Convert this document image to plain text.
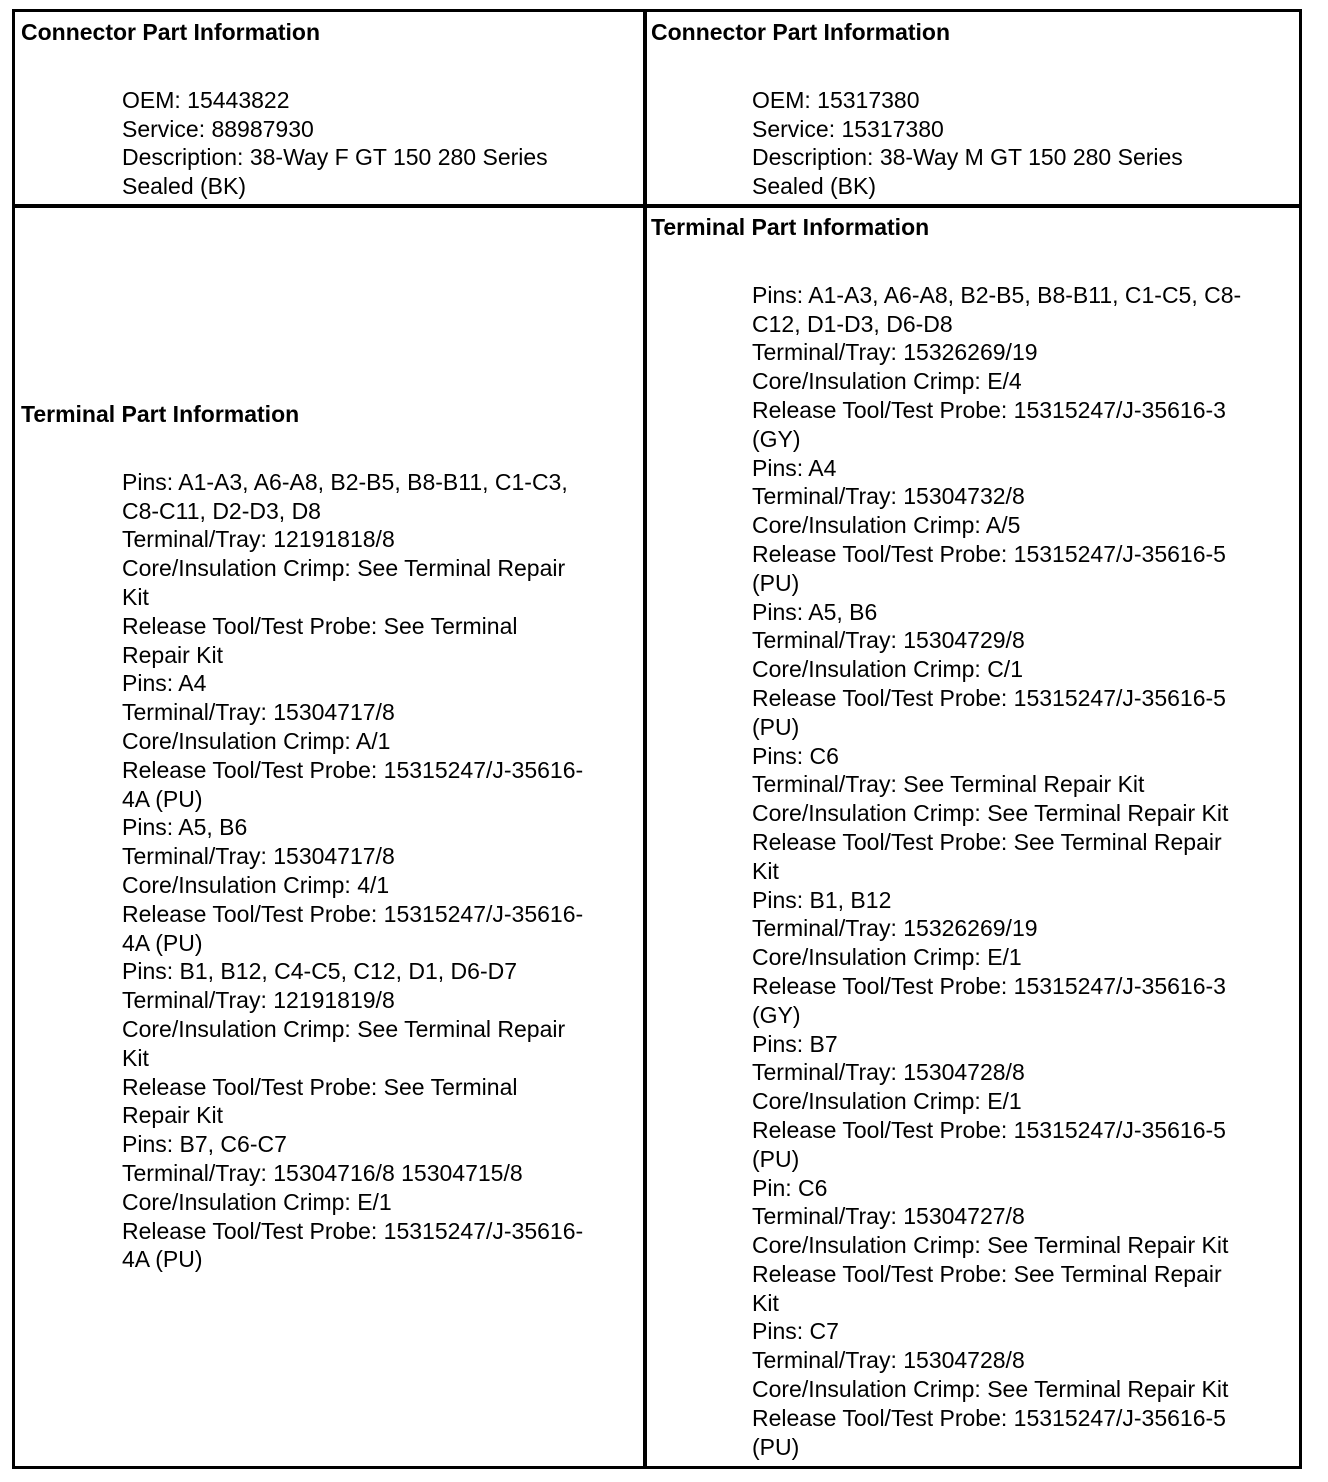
Connector Part Information
OEM: 15443822
Service: 88987930
Description: 38-Way F GT 150 280 Series
Sealed (BK)
Connector Part Information
OEM: 15317380
Service: 15317380
Description: 38-Way M GT 150 280 Series
Sealed (BK)
Terminal Part Information
Pins: A1-A3, A6-A8, B2-B5, B8-B11, C1-C3,
C8-C11, D2-D3, D8
Terminal/Tray: 12191818/8
Core/Insulation Crimp: See Terminal Repair
Kit
Release Tool/Test Probe: See Terminal
Repair Kit
Pins: A4
Terminal/Tray: 15304717/8
Core/Insulation Crimp: A/1
Release Tool/Test Probe: 15315247/J-35616-
4A (PU)
Pins: A5, B6
Terminal/Tray: 15304717/8
Core/Insulation Crimp: 4/1
Release Tool/Test Probe: 15315247/J-35616-
4A (PU)
Pins: B1, B12, C4-C5, C12, D1, D6-D7
Terminal/Tray: 12191819/8
Core/Insulation Crimp: See Terminal Repair
Kit
Release Tool/Test Probe: See Terminal
Repair Kit
Pins: B7, C6-C7
Terminal/Tray: 15304716/8 15304715/8
Core/Insulation Crimp: E/1
Release Tool/Test Probe: 15315247/J-35616-
4A (PU)
Terminal Part Information
Pins: A1-A3, A6-A8, B2-B5, B8-B11, C1-C5, C8-
C12, D1-D3, D6-D8
Terminal/Tray: 15326269/19
Core/Insulation Crimp: E/4
Release Tool/Test Probe: 15315247/J-35616-3
(GY)
Pins: A4
Terminal/Tray: 15304732/8
Core/Insulation Crimp: A/5
Release Tool/Test Probe: 15315247/J-35616-5
(PU)
Pins: A5, B6
Terminal/Tray: 15304729/8
Core/Insulation Crimp: C/1
Release Tool/Test Probe: 15315247/J-35616-5
(PU)
Pins: C6
Terminal/Tray: See Terminal Repair Kit
Core/Insulation Crimp: See Terminal Repair Kit
Release Tool/Test Probe: See Terminal Repair
Kit
Pins: B1, B12
Terminal/Tray: 15326269/19
Core/Insulation Crimp: E/1
Release Tool/Test Probe: 15315247/J-35616-3
(GY)
Pins: B7
Terminal/Tray: 15304728/8
Core/Insulation Crimp: E/1
Release Tool/Test Probe: 15315247/J-35616-5
(PU)
Pin: C6
Terminal/Tray: 15304727/8
Core/Insulation Crimp: See Terminal Repair Kit
Release Tool/Test Probe: See Terminal Repair
Kit
Pins: C7
Terminal/Tray: 15304728/8
Core/Insulation Crimp: See Terminal Repair Kit
Release Tool/Test Probe: 15315247/J-35616-5
(PU)
